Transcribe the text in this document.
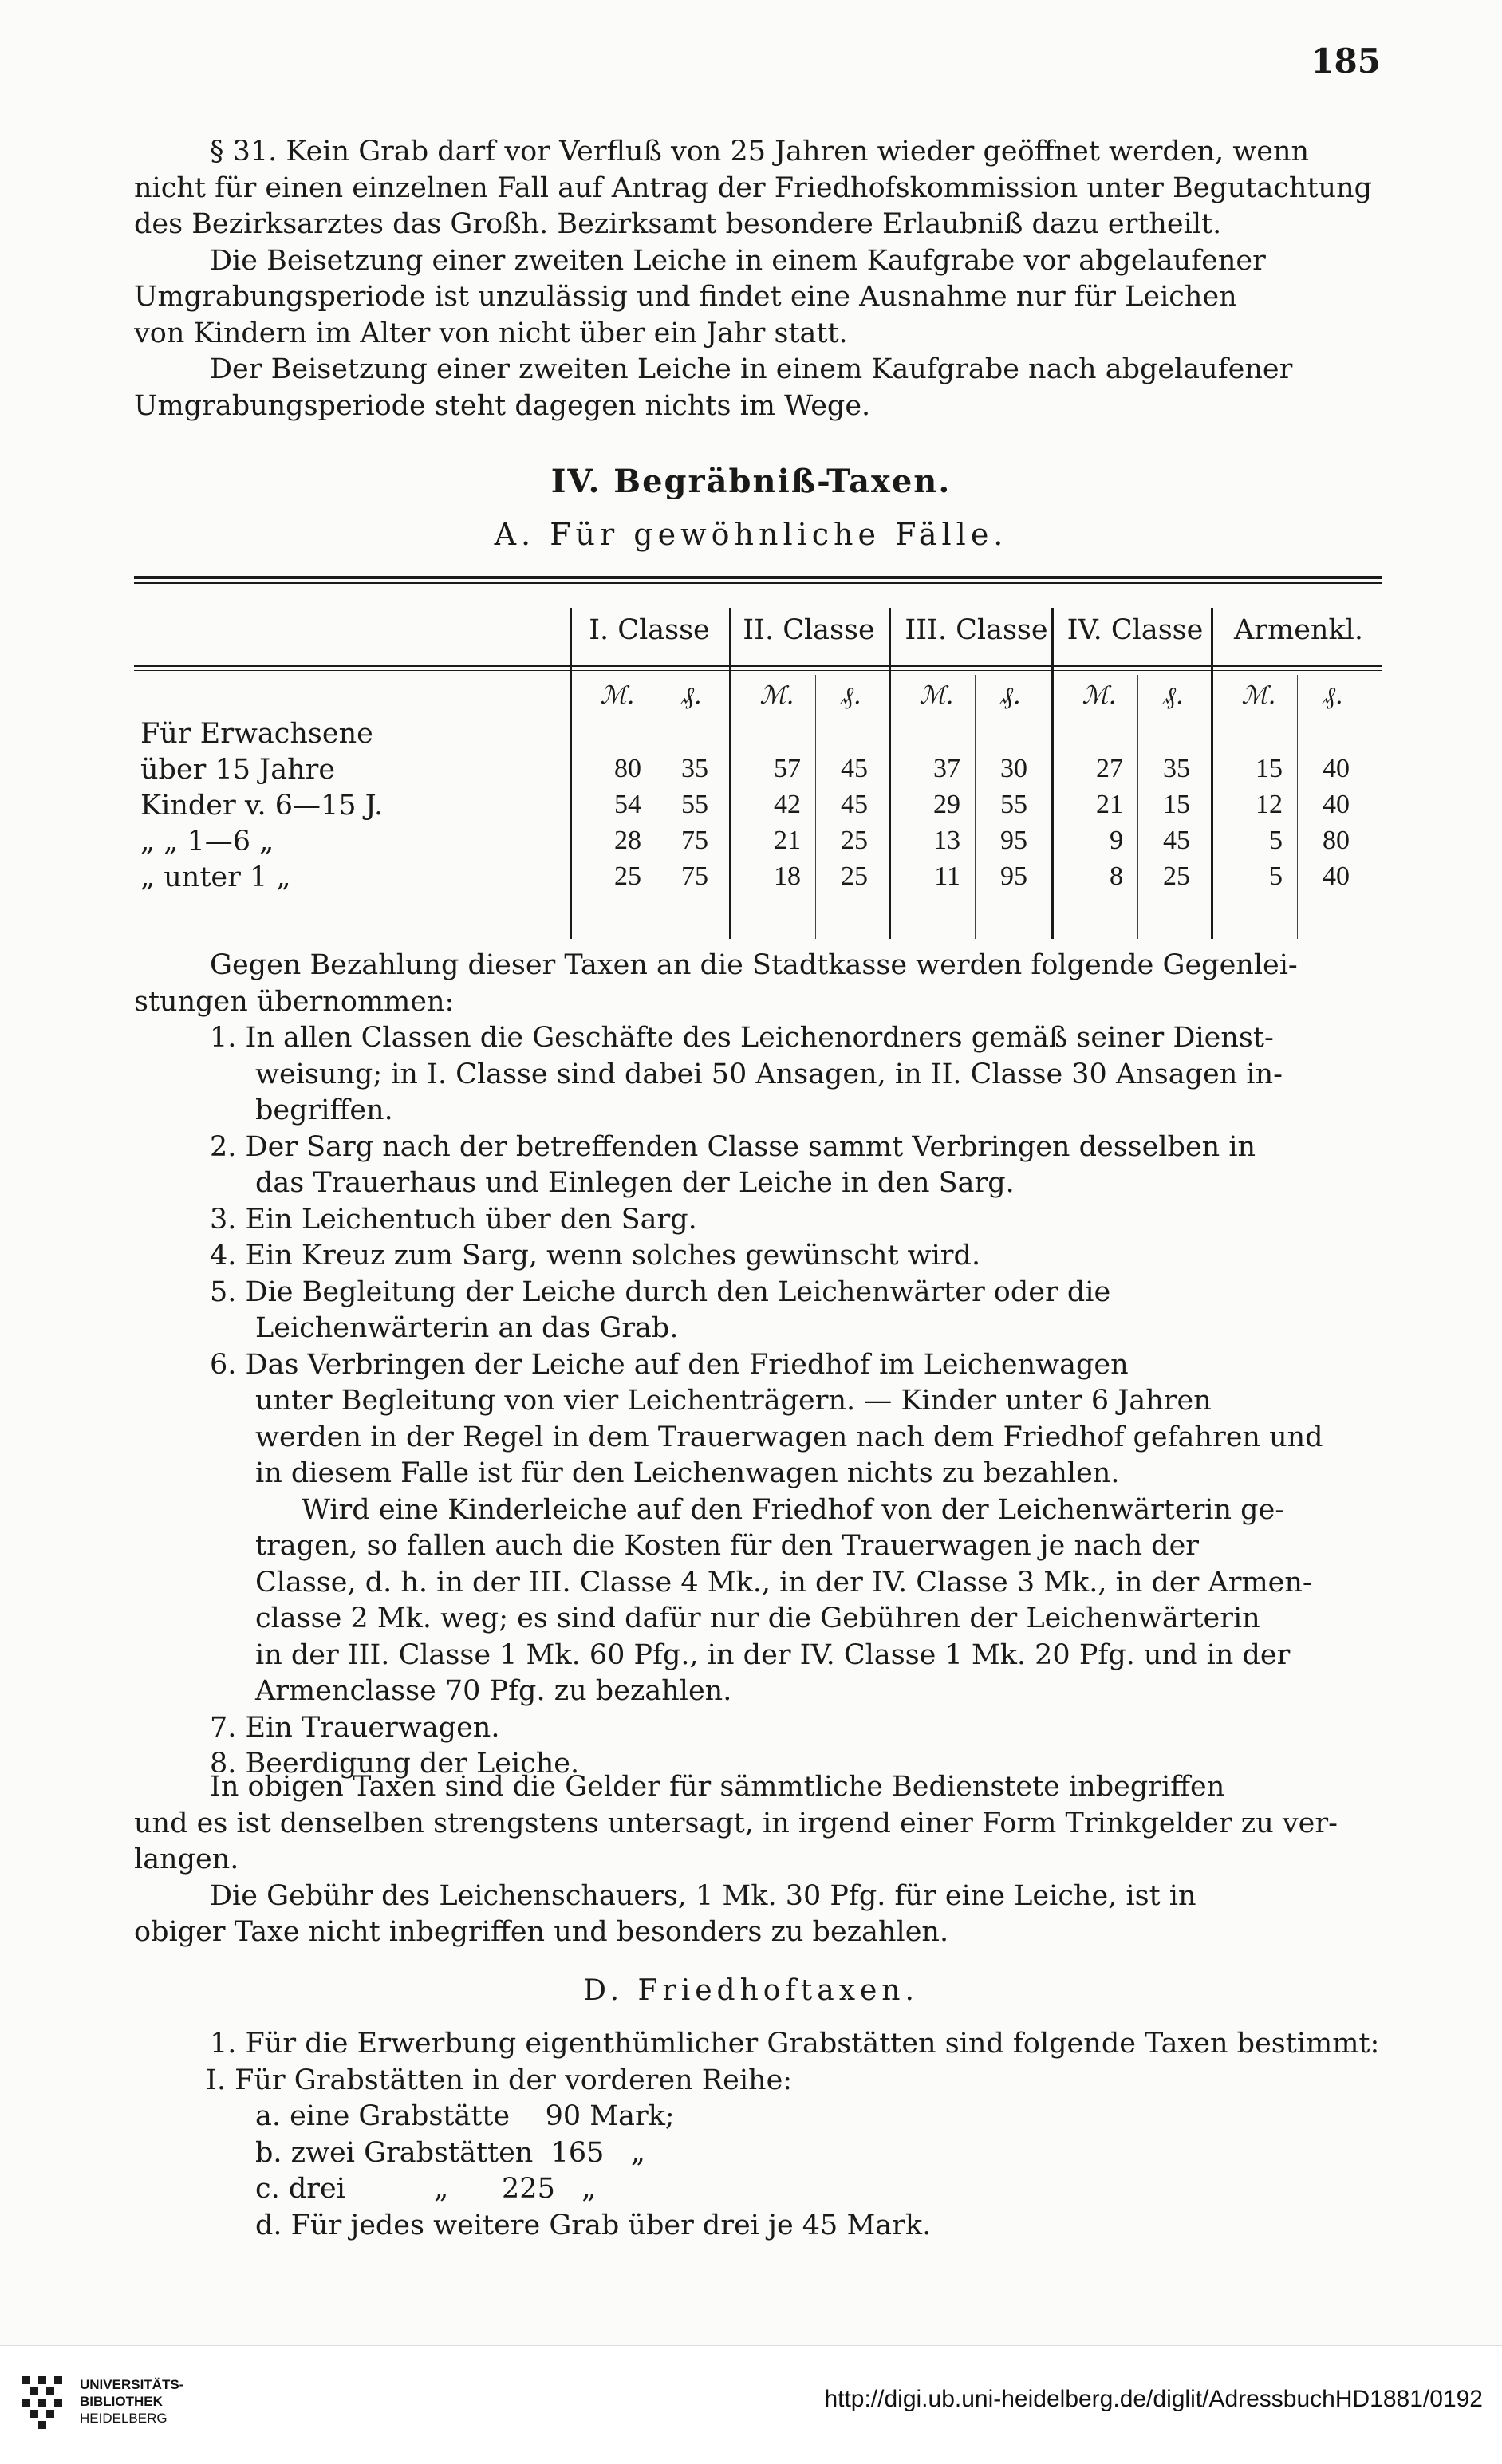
185
§ 31. Kein Grab darf vor Verfluß von 25 Jahren wieder geöffnet werden, wenn
nicht für einen einzelnen Fall auf Antrag der Friedhofskommission unter Begutachtung
des Bezirksarztes das Großh. Bezirksamt besondere Erlaubniß dazu ertheilt.
Die Beisetzung einer zweiten Leiche in einem Kaufgrabe vor abgelaufener
Umgrabungsperiode ist unzulässig und findet eine Ausnahme nur für Leichen
von Kindern im Alter von nicht über ein Jahr statt.
Der Beisetzung einer zweiten Leiche in einem Kaufgrabe nach abgelaufener
Umgrabungsperiode steht dagegen nichts im Wege.
IV. Begräbniß-Taxen.
A. Für gewöhnliche Fälle.
I. Classe	II. Classe III. Classe IV. Classe	Armenkl.
ℳ.	₰.	ℳ.	₰.	ℳ.	₰.	ℳ.	₰.	ℳ.	₰.
Für Erwachsene
über 15 Jahre	80	35	57	45	37	30	27	35	15	40
Kinder v. 6—15 J.	54	55	42	45	29	55	21	15	12	40
„ „ 1—6 „	28	75	21	25	13	95	9	45	5	80
„ unter 1 „	25	75	18	25	11	95	8	25	5	40
Gegen Bezahlung dieser Taxen an die Stadtkasse werden folgende Gegenlei-
stungen übernommen:
1. In allen Classen die Geschäfte des Leichenordners gemäß seiner Dienst-
weisung; in I. Classe sind dabei 50 Ansagen, in II. Classe 30 Ansagen in-
begriffen.
2. Der Sarg nach der betreffenden Classe sammt Verbringen desselben in
das Trauerhaus und Einlegen der Leiche in den Sarg.
3. Ein Leichentuch über den Sarg.
4. Ein Kreuz zum Sarg, wenn solches gewünscht wird.
5. Die Begleitung der Leiche durch den Leichenwärter oder die
Leichenwärterin an das Grab.
6. Das Verbringen der Leiche auf den Friedhof im Leichenwagen
unter Begleitung von vier Leichenträgern. — Kinder unter 6 Jahren
werden in der Regel in dem Trauerwagen nach dem Friedhof gefahren und
in diesem Falle ist für den Leichenwagen nichts zu bezahlen.
Wird eine Kinderleiche auf den Friedhof von der Leichenwärterin ge-
tragen, so fallen auch die Kosten für den Trauerwagen je nach der
Classe, d. h. in der III. Classe 4 Mk., in der IV. Classe 3 Mk., in der Armen-
classe 2 Mk. weg; es sind dafür nur die Gebühren der Leichenwärterin
in der III. Classe 1 Mk. 60 Pfg., in der IV. Classe 1 Mk. 20 Pfg. und in der
Armenclasse 70 Pfg. zu bezahlen.
7. Ein Trauerwagen.
8. Beerdigung der Leiche.
In obigen Taxen sind die Gelder für sämmtliche Bedienstete inbegriffen
und es ist denselben strengstens untersagt, in irgend einer Form Trinkgelder zu ver-
langen.
Die Gebühr des Leichenschauers, 1 Mk. 30 Pfg. für eine Leiche, ist in
obiger Taxe nicht inbegriffen und besonders zu bezahlen.
D. Friedhoftaxen.
1. Für die Erwerbung eigenthümlicher Grabstätten sind folgende Taxen bestimmt:
I. Für Grabstätten in der vorderen Reihe:
a. eine Grabstätte    90 Mark;
b. zwei Grabstätten  165   „
c. drei          „      225   „
d. Für jedes weitere Grab über drei je 45 Mark.
UNIVERSITÄTS-
BIBLIOTHEK
HEIDELBERG
http://digi.ub.uni-heidelberg.de/diglit/AdressbuchHD1881/0192
